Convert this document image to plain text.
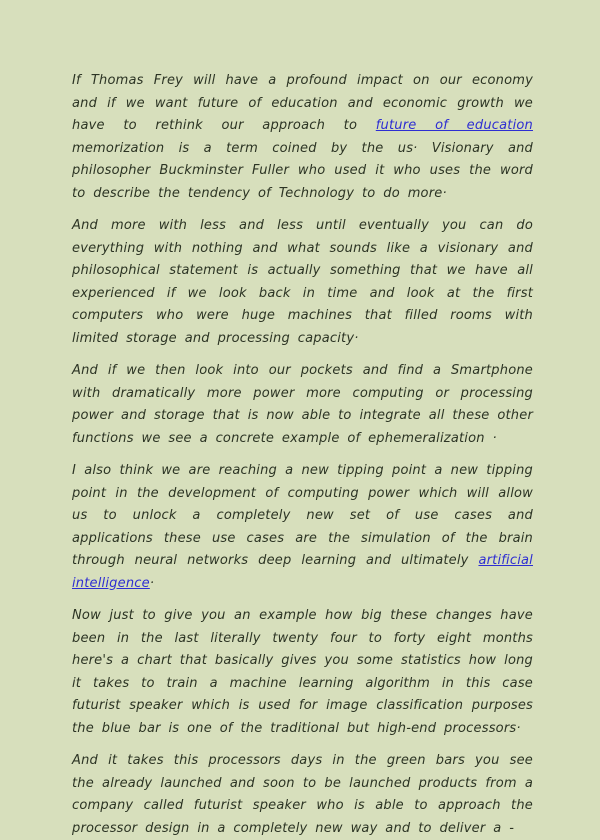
If Thomas Frey will have a profound impact on our economy and if we want future of education and economic growth we have to rethink our approach to future of education memorization is a term coined by the us· Visionary and philosopher Buckminster Fuller who used it who uses the word to describe the tendency of Technology to do more·

And more with less and less until eventually you can do everything with nothing and what sounds like a visionary and philosophical statement is actually something that we have all experienced if we look back in time and look at the first computers who were huge machines that filled rooms with limited storage and processing capacity·

And if we then look into our pockets and find a Smartphone with dramatically more power more computing or processing power and storage that is now able to integrate all these other functions we see a concrete example of ephemeralization ·

I also think we are reaching a new tipping point a new tipping point in the development of computing power which will allow us to unlock a completely new set of use cases and applications these use cases are the simulation of the brain through neural networks deep learning and ultimately artificial intelligence·

Now just to give you an example how big these changes have been in the last literally twenty four to forty eight months here's a chart that basically gives you some statistics how long it takes to train a machine learning algorithm in this case futurist speaker which is used for image classification purposes the blue bar is one of the traditional but high-end processors·

And it takes this processors days in the green bars you see the already launched and soon to be launched products from a company called futurist speaker who is able to approach the processor design in a completely new way and to deliver a -
